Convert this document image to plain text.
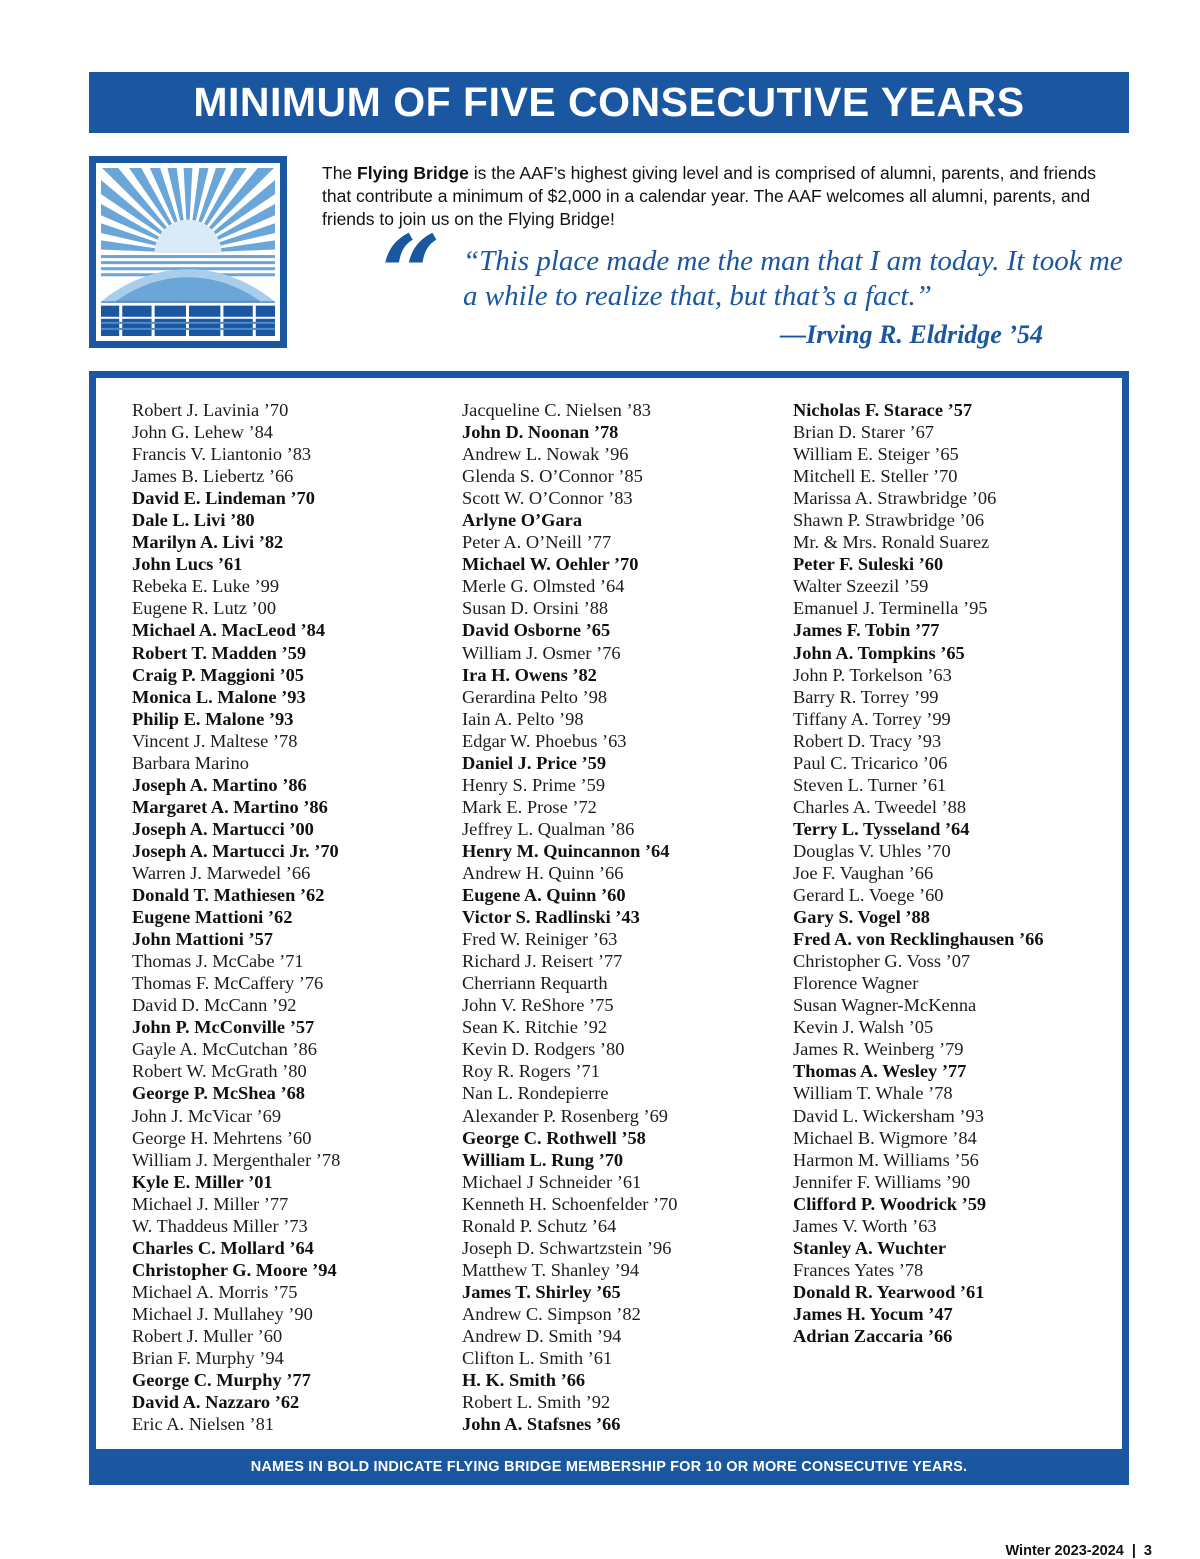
MINIMUM OF FIVE CONSECUTIVE YEARS

The Flying Bridge is the AAF’s highest giving level and is comprised of alumni, parents, and friends that contribute a minimum of $2,000 in a calendar year. The AAF welcomes all alumni, parents, and friends to join us on the Flying Bridge!

“ “This place made me the man that I am today. It took me a while to realize that, but that’s a fact.”

—Irving R. Eldridge ’54
Robert J. Lavinia ’70
John G. Lehew ’84
Francis V. Liantonio ’83
James B. Liebertz ’66
David E. Lindeman ’70
Dale L. Livi ’80
Marilyn A. Livi ’82
John Lucs ’61
Rebeka E. Luke ’99
Eugene R. Lutz ’00
Michael A. MacLeod ’84
Robert T. Madden ’59
Craig P. Maggioni ’05
Monica L. Malone ’93
Philip E. Malone ’93
Vincent J. Maltese ’78
Barbara Marino
Joseph A. Martino ’86
Margaret A. Martino ’86
Joseph A. Martucci ’00
Joseph A. Martucci Jr. ’70
Warren J. Marwedel ’66
Donald T. Mathiesen ’62
Eugene Mattioni ’62
John Mattioni ’57
Thomas J. McCabe ’71
Thomas F. McCaffery ’76
David D. McCann ’92
John P. McConville ’57
Gayle A. McCutchan ’86
Robert W. McGrath ’80
George P. McShea ’68
John J. McVicar ’69
George H. Mehrtens ’60
William J. Mergenthaler ’78
Kyle E. Miller ’01
Michael J. Miller ’77
W. Thaddeus Miller ’73
Charles C. Mollard ’64
Christopher G. Moore ’94
Michael A. Morris ’75
Michael J. Mullahey ’90
Robert J. Muller ’60
Brian F. Murphy ’94
George C. Murphy ’77
David A. Nazzaro ’62
Eric A. Nielsen ’81
Jacqueline C. Nielsen ’83
John D. Noonan ’78
Andrew L. Nowak ’96
Glenda S. O’Connor ’85
Scott W. O’Connor ’83
Arlyne O’Gara
Peter A. O’Neill ’77
Michael W. Oehler ’70
Merle G. Olmsted ’64
Susan D. Orsini ’88
David Osborne ’65
William J. Osmer ’76
Ira H. Owens ’82
Gerardina Pelto ’98
Iain A. Pelto ’98
Edgar W. Phoebus ’63
Daniel J. Price ’59
Henry S. Prime ’59
Mark E. Prose ’72
Jeffrey L. Qualman ’86
Henry M. Quincannon ’64
Andrew H. Quinn ’66
Eugene A. Quinn ’60
Victor S. Radlinski ’43
Fred W. Reiniger ’63
Richard J. Reisert ’77
Cherriann Requarth
John V. ReShore ’75
Sean K. Ritchie ’92
Kevin D. Rodgers ’80
Roy R. Rogers ’71
Nan L. Rondepierre
Alexander P. Rosenberg ’69
George C. Rothwell ’58
William L. Rung ’70
Michael J Schneider ’61
Kenneth H. Schoenfelder ’70
Ronald P. Schutz ’64
Joseph D. Schwartzstein ’96
Matthew T. Shanley ’94
James T. Shirley ’65
Andrew C. Simpson ’82
Andrew D. Smith ’94
Clifton L. Smith ’61
H. K. Smith ’66
Robert L. Smith ’92
John A. Stafsnes ’66
Nicholas F. Starace ’57
Brian D. Starer ’67
William E. Steiger ’65
Mitchell E. Steller ’70
Marissa A. Strawbridge ’06
Shawn P. Strawbridge ’06
Mr. & Mrs. Ronald Suarez
Peter F. Suleski ’60
Walter Szeezil ’59
Emanuel J. Terminella ’95
James F. Tobin ’77
John A. Tompkins ’65
John P. Torkelson ’63
Barry R. Torrey ’99
Tiffany A. Torrey ’99
Robert D. Tracy ’93
Paul C. Tricarico ’06
Steven L. Turner ’61
Charles A. Tweedel ’88
Terry L. Tysseland ’64
Douglas V. Uhles ’70
Joe F. Vaughan ’66
Gerard L. Voege ’60
Gary S. Vogel ’88
Fred A. von Recklinghausen ’66
Christopher G. Voss ’07
Florence Wagner
Susan Wagner-McKenna
Kevin J. Walsh ’05
James R. Weinberg ’79
Thomas A. Wesley ’77
William T. Whale ’78
David L. Wickersham ’93
Michael B. Wigmore ’84
Harmon M. Williams ’56
Jennifer F. Williams ’90
Clifford P. Woodrick ’59
James V. Worth ’63
Stanley A. Wuchter
Frances Yates ’78
Donald R. Yearwood ’61
James H. Yocum ’47
Adrian Zaccaria ’66
NAMES IN BOLD INDICATE FLYING BRIDGE MEMBERSHIP FOR 10 OR MORE CONSECUTIVE YEARS.
Winter 2023-2024 | 3
